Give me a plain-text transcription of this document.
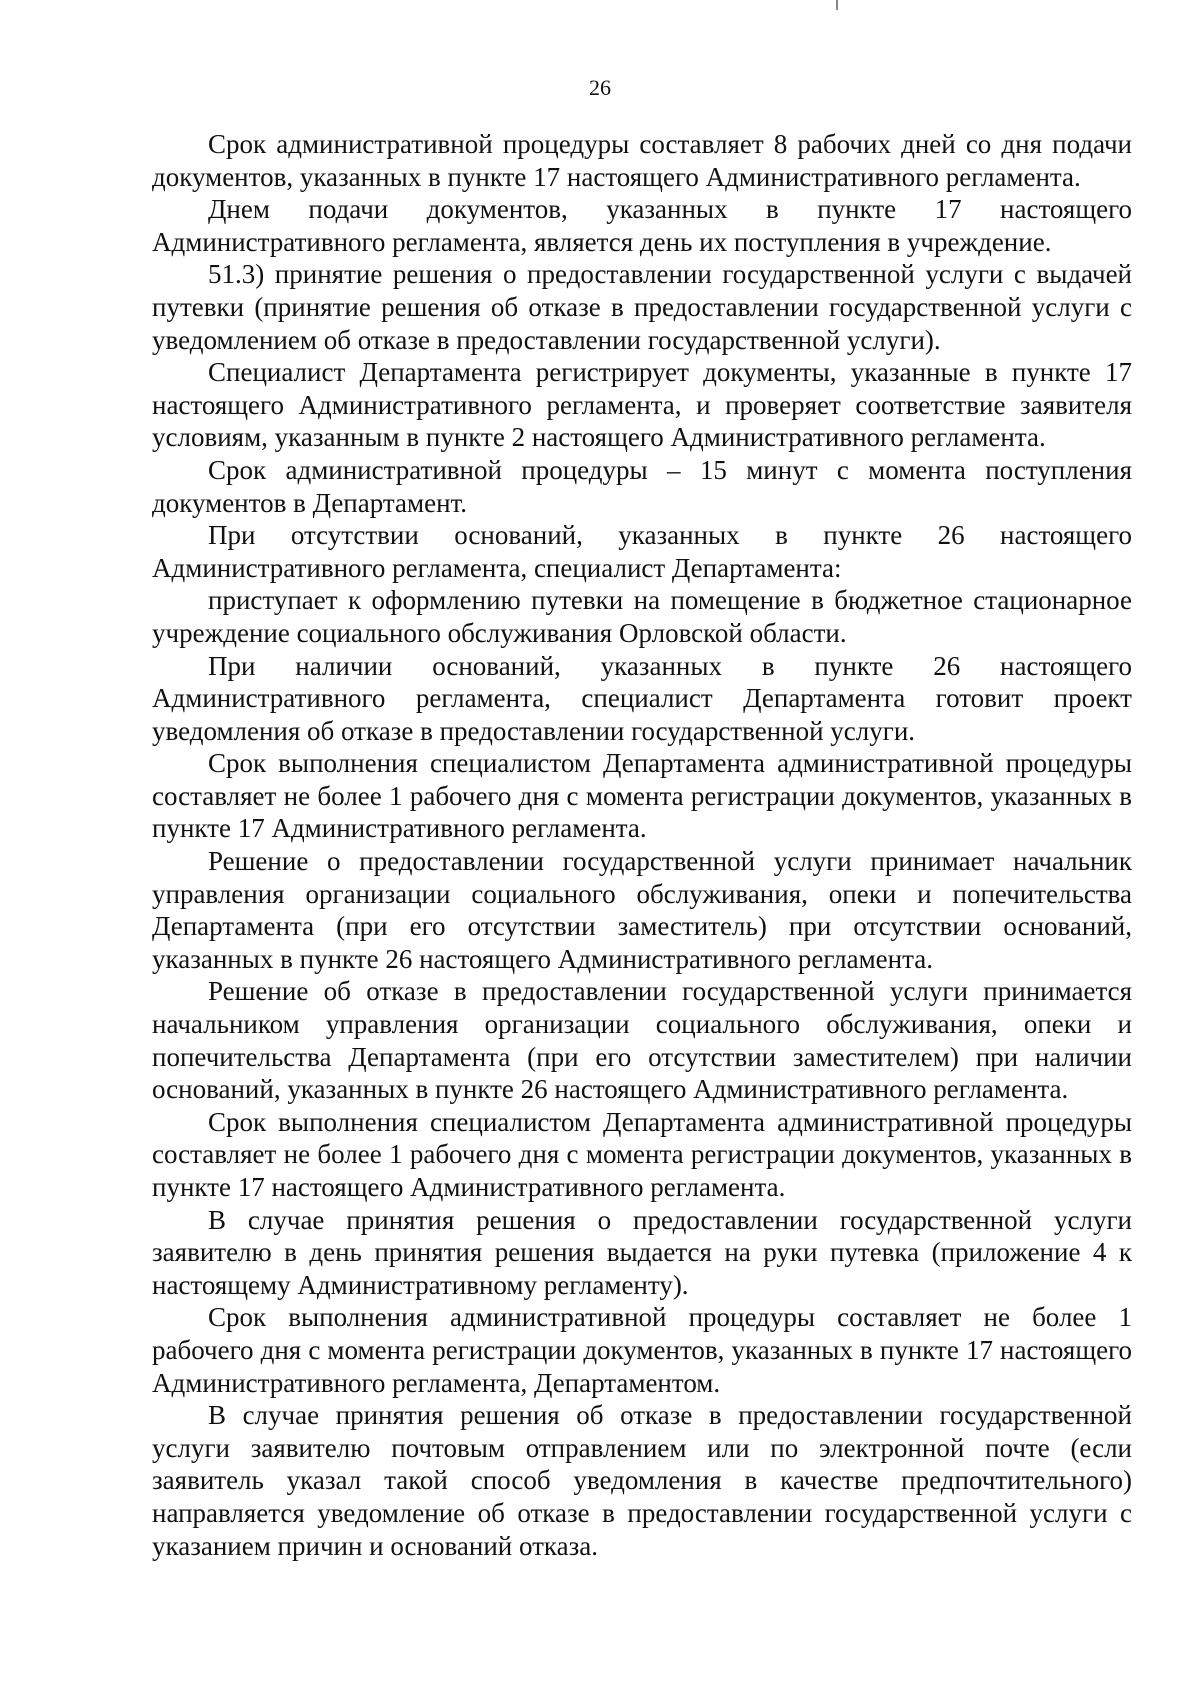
26

Срок административной процедуры составляет 8 рабочих дней со дня подачи документов, указанных в пункте 17 настоящего Административного регламента.

Днем подачи документов, указанных в пункте 17 настоящего Административного регламента, является день их поступления в учреждение.

51.3) принятие решения о предоставлении государственной услуги с выдачей путевки (принятие решения об отказе в предоставлении государственной услуги с уведомлением об отказе в предоставлении государственной услуги).

Специалист Департамента регистрирует документы, указанные в пункте 17 настоящего Административного регламента, и проверяет соответствие заявителя условиям, указанным в пункте 2 настоящего Административного регламента.

Срок административной процедуры – 15 минут с момента поступления документов в Департамент.

При отсутствии оснований, указанных в пункте 26 настоящего Административного регламента, специалист Департамента:

приступает к оформлению путевки на помещение в бюджетное стационарное учреждение социального обслуживания Орловской области.

При наличии оснований, указанных в пункте 26 настоящего Административного регламента, специалист Департамента готовит проект уведомления об отказе в предоставлении государственной услуги.

Срок выполнения специалистом Департамента административной процедуры составляет не более 1 рабочего дня с момента регистрации документов, указанных в пункте 17 Административного регламента.

Решение о предоставлении государственной услуги принимает начальник управления организации социального обслуживания, опеки и попечительства Департамента (при его отсутствии заместитель) при отсутствии оснований, указанных в пункте 26 настоящего Административного регламента.

Решение об отказе в предоставлении государственной услуги принимается начальником управления организации социального обслуживания, опеки и попечительства Департамента (при его отсутствии заместителем) при наличии оснований, указанных в пункте 26 настоящего Административного регламента.

Срок выполнения специалистом Департамента административной процедуры составляет не более 1 рабочего дня с момента регистрации документов, указанных в пункте 17 настоящего Административного регламента.

В случае принятия решения о предоставлении государственной услуги заявителю в день принятия решения выдается на руки путевка (приложение 4 к настоящему Административному регламенту).

Срок выполнения административной процедуры составляет не более 1 рабочего дня с момента регистрации документов, указанных в пункте 17 настоящего Административного регламента, Департаментом.

В случае принятия решения об отказе в предоставлении государственной услуги заявителю почтовым отправлением или по электронной почте (если заявитель указал такой способ уведомления в качестве предпочтительного) направляется уведомление об отказе в предоставлении государственной услуги с указанием причин и оснований отказа.
